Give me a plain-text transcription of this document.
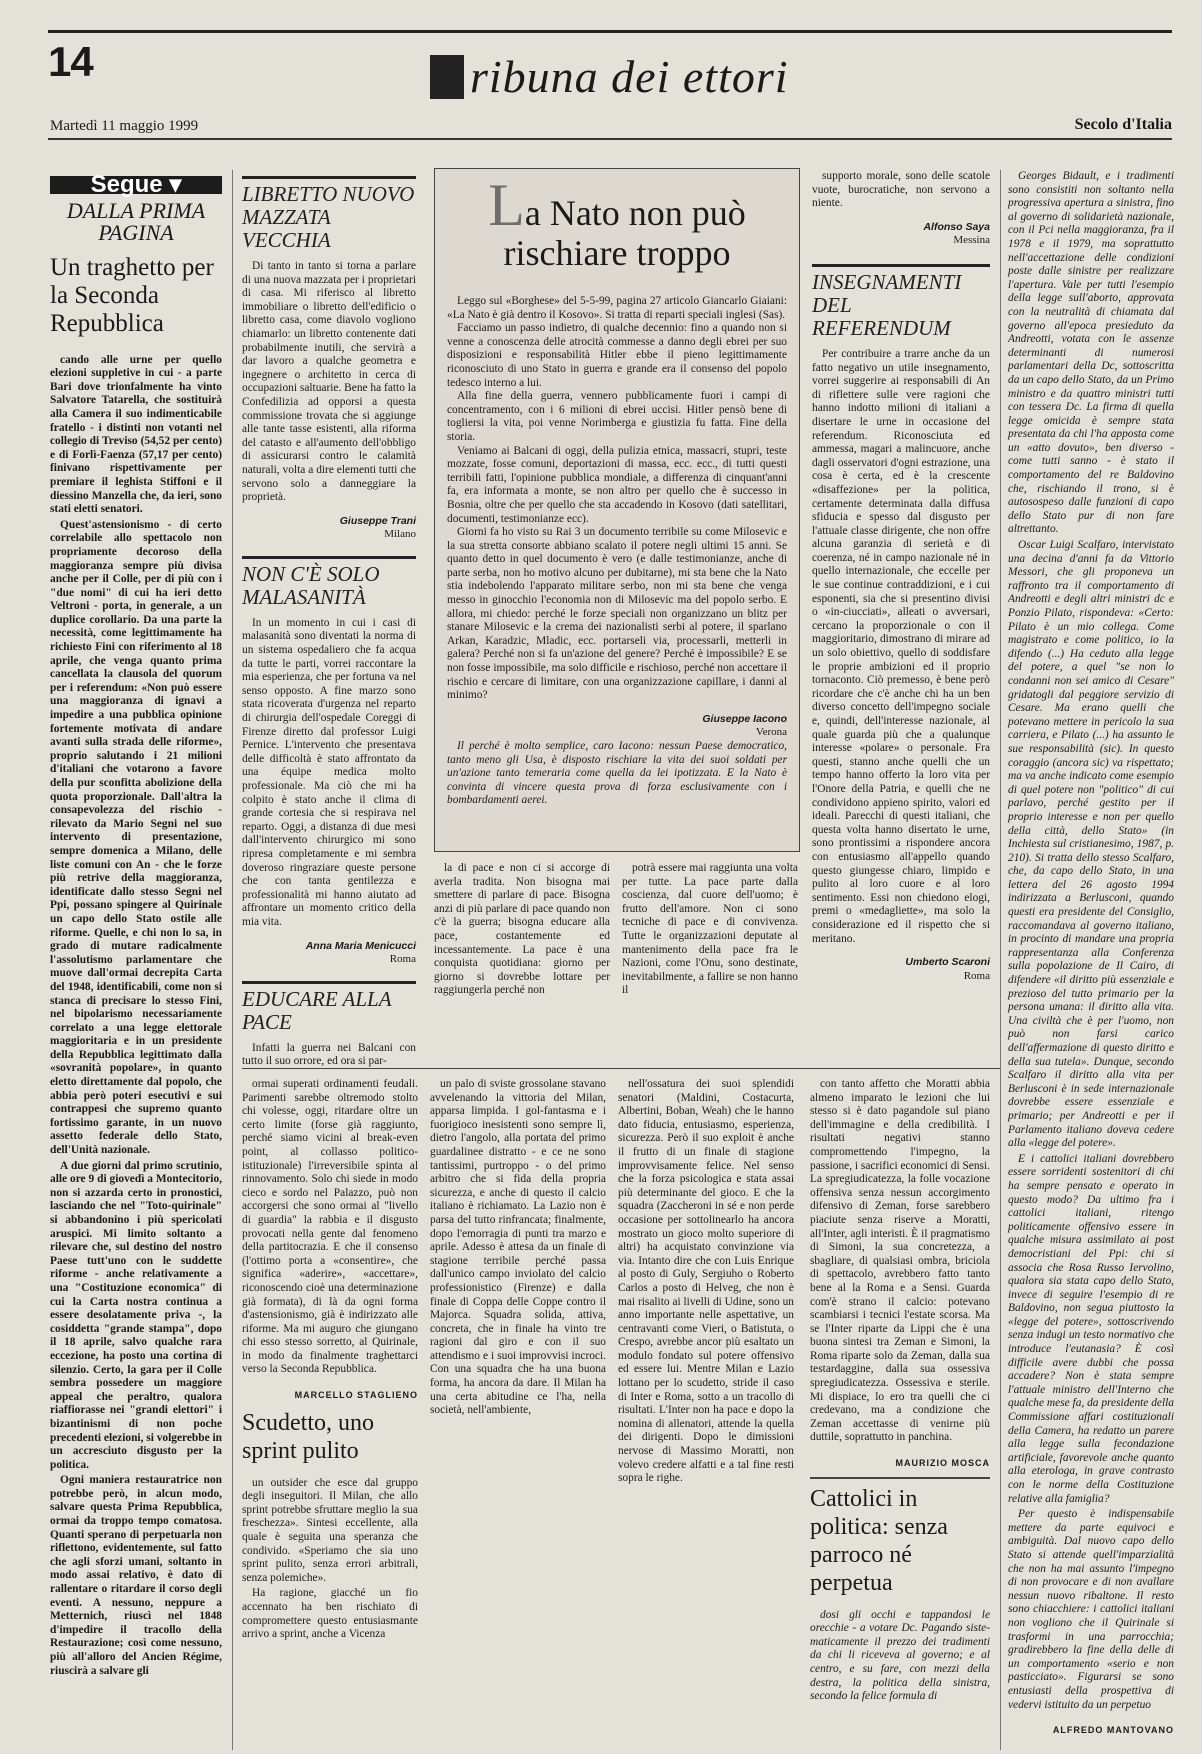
14	ribuna dei ettori
Martedì 11 maggio 1999	Secolo d'Italia
Segue ▾
DALLA PRIMA PAGINA
Un traghetto per la Seconda Repubblica

cando alle urne per quello elezioni suppletive in cui - a parte Bari dove trionfalmente ha vinto Salvatore Tatarella, che sostituirà alla Camera il suo indimenticabile fratello - i distinti non votanti nel collegio di Treviso (54,52 per cento) e di Forlì-Faenza (57,17 per cento) finivano rispettivamente per premiare il leghista Stiffoni e il diessino Manzella che, da ieri, sono stati eletti senatori.

Quest'astensionismo - di certo correlabile allo spettacolo non propriamente decoroso della maggioranza sempre più divisa anche per il Colle, per di più con i "due nomi" di cui ha ieri detto Veltroni - porta, in generale, a un duplice corollario. Da una parte la necessità, come legittimamente ha richiesto Fini con riferimento al 18 aprile, che venga quanto prima cancellata la clausola del quorum per i referendum: «Non può essere una maggioranza di ignavi a impedire a una pubblica opinione fortemente motivata di andare avanti sulla strada delle riforme», proprio salutando i 21 milioni d'italiani che votarono a favore della pur sconfitta abolizione della quota proporzionale. Dall'altra la consapevolezza del rischio - rilevato da Mario Segni nel suo intervento di presentazione, sempre domenica a Milano, delle liste comuni con An - che le forze più retrive della maggioranza, identificate dallo stesso Segni nel Ppi, possano spingere al Quirinale un capo dello Stato ostile alle riforme. Quelle, e chi non lo sa, in grado di mutare radicalmente l'assolutismo parlamentare che muove dall'ormai decrepita Carta del 1948, identificabili, come non si stanca di precisare lo stesso Fini, nel bipolarismo necessariamente correlato a una legge elettorale maggioritaria e in un presidente della Repubblica legittimato dalla «sovranità popolare», in quanto eletto direttamente dal popolo, che abbia però poteri esecutivi e sui contrappesi che supremo quanto fortissimo garante, in un nuovo assetto federale dello Stato, dell'Unità nazionale.

A due giorni dal primo scrutinio, alle ore 9 di giovedì a Montecitorio, non si azzarda certo in pronostici, lasciando che nel "Toto-quirinale" si abbandonino i più spericolati aruspici. Mi limito soltanto a rilevare che, sul destino del nostro Paese tutt'uno con le suddette riforme - anche relativamente a una "Costituzione economica" di cui la Carta nostra continua a essere desolatamente priva -, la cosiddetta "grande stampa", dopo il 18 aprile, salvo qualche rara eccezione, ha posto una cortina di silenzio. Certo, la gara per il Colle sembra possedere un maggiore appeal che peraltro, qualora riaffiorasse nei "grandi elettori" i bizantinismi di non poche precedenti elezioni, si volgerebbe in un accresciuto disgusto per la politica.

Ogni maniera restauratrice non potrebbe però, in alcun modo, salvare questa Prima Repubblica, ormai da troppo tempo comatosa. Quanti sperano di perpetuarla non riflettono, evidentemente, sul fatto che agli sforzi umani, soltanto in modo assai relativo, è dato di rallentare o ritardare il corso degli eventi. A nessuno, neppure a Metternich, riuscì nel 1848 d'impedire il tracollo della Restaurazione; così come nessuno, più all'alloro del Ancien Régime, riuscirà a salvare gli

LIBRETTO NUOVO MAZZATA VECCHIA

Di tanto in tanto si torna a parlare di una nuova mazzata per i proprietari di casa. Mi riferisco al libretto immobiliare o libretto dell'edificio o libretto casa, come diavolo vogliono chiamarlo: un libretto contenente dati probabilmente inutili, che servirà a dar lavoro a qualche geometra e ingegnere o architetto in cerca di occupazioni saltuarie. Bene ha fatto la Confedilizia ad opporsi a questa commissione trovata che si aggiunge alle tante tasse esistenti, alla riforma del catasto e all'aumento dell'obbligo di assicurarsi contro le calamità naturali, volta a dire elementi tutti che servono solo a danneggiare la proprietà.

Giuseppe Trani
Milano
NON C'È SOLO MALASANITÀ

In un momento in cui i casi di malasanità sono diventati la norma di un sistema ospedaliero che fa acqua da tutte le parti, vorrei raccontare la mia esperienza, che per fortuna va nel senso opposto. A fine marzo sono stata ricoverata d'urgenza nel reparto di chirurgia dell'ospedale Coreggi di Firenze diretto dal professor Luigi Pernice. L'intervento che presentava delle difficoltà è stato affrontato da una équipe medica molto professionale. Ma ciò che mi ha colpito è stato anche il clima di grande cortesia che si respirava nel reparto. Oggi, a distanza di due mesi dall'intervento chirurgico mi sono ripresa completamente e mi sembra doveroso ringraziare queste persone che con tanta gentilezza e professionalità mi hanno aiutato ad affrontare un momento critico della mia vita.

Anna Maria Menicucci
Roma
EDUCARE ALLA PACE

Infatti la guerra nei Balcani con tutto il suo orrore, ed ora si par-

La Nato non può rischiare troppo

Leggo sul «Borghese» del 5-5-99, pagina 27 articolo Giancarlo Giaiani: «La Nato è già dentro il Kosovo». Si tratta di reparti speciali inglesi (Sas).

Facciamo un passo indietro, di qualche decennio: fino a quando non si venne a conoscenza delle atrocità commesse a danno degli ebrei per suo disposizioni e responsabilità Hitler ebbe il pieno legittimamente riconosciuto di uno Stato in guerra e grande era il consenso del popolo tedesco interno a lui.

Alla fine della guerra, vennero pubblicamente fuori i campi di concentramento, con i 6 milioni di ebrei uccisi. Hitler pensò bene di togliersi la vita, poi venne Norimberga e giustizia fu fatta. Fine della storia.

Veniamo ai Balcani di oggi, della pulizia etnica, massacri, stupri, teste mozzate, fosse comuni, deportazioni di massa, ecc. ecc., di tutti questi terribili fatti, l'opinione pubblica mondiale, a differenza di cinquant'anni fa, era informata a monte, se non altro per quello che è successo in Bosnia, oltre che per quello che sta accadendo in Kosovo (dati satellitari, documenti, testimonianze ecc).

Giorni fa ho visto su Rai 3 un documento terribile su come Milosevic e la sua stretta consorte abbiano scalato il potere negli ultimi 15 anni. Se quanto detto in quel documento è vero (e dalle testimonianze, anche di parte serba, non ho motivo alcuno per dubitarne), mi sta bene che la Nato stia indebolendo l'apparato militare serbo, non mi sta bene che venga messo in ginocchio l'economia non di Milosevic ma del popolo serbo. E allora, mi chiedo: perché le forze speciali non organizzano un blitz per stanare Milosevic e la crema dei nazionalisti serbi al potere, il sparlano Arkan, Karadzic, Mladic, ecc. portarseli via, processarli, metterli in galera? Perché non si fa un'azione del genere? Perché è impossibile? E se non fosse impossibile, ma solo difficile e rischioso, perché non accettare il rischio e cercare di limitare, con una organizzazione capillare, i danni al minimo?

Giuseppe Iacono
Verona

Il perché è molto semplice, caro Iacono: nessun Paese democratico, tanto meno gli Usa, è disposto rischiare la vita dei suoi soldati per un'azione tanto temeraria come quella da lei ipotizzata. E la Nato è convinta di vincere questa prova di forza esclusivamente con i bombardamenti aerei.

la di pace e non ci si accorge di averla tradita. Non bisogna mai smettere di parlare di pace. Bisogna anzi di più parlare di pace quando non c'è la guerra; bisogna educare alla pace, costantemente ed incessantemente. La pace è una conquista quotidiana: giorno per giorno si dovrebbe lottare per raggiungerla perché non

potrà essere mai raggiunta una volta per tutte. La pace parte dalla coscienza, dal cuore dell'uomo; è frutto dell'amore. Non ci sono tecniche di pace e di convivenza. Tutte le organizzazioni deputate al mantenimento della pace fra le Nazioni, come l'Onu, sono destinate, inevitabilmente, a fallire se non hanno il

supporto morale, sono delle scatole vuote, burocratiche, non servono a niente.

Alfonso Saya
Messina
INSEGNAMENTI DEL REFERENDUM

Per contribuire a trarre anche da un fatto negativo un utile insegnamento, vorrei suggerire ai responsabili di An di riflettere sulle vere ragioni che hanno indotto milioni di italiani a disertare le urne in occasione del referendum. Riconosciuta ed ammessa, magari a malincuore, anche dagli osservatori d'ogni estrazione, una cosa è certa, ed è la crescente «disaffezione» per la politica, certamente determinata dalla diffusa sfiducia e spesso dal disgusto per l'attuale classe dirigente, che non offre alcuna garanzia di serietà e di coerenza, né in campo nazionale né in quello internazionale, che eccelle per le sue continue contraddizioni, e i cui esponenti, sia che si presentino divisi o «in-ciucciati», alleati o avversari, cercano la proporzionale o con il maggioritario, dimostrano di mirare ad un solo obiettivo, quello di soddisfare le proprie ambizioni ed il proprio tornaconto. Ciò premesso, è bene però ricordare che c'è anche chi ha un ben diverso concetto dell'impegno sociale e, quindi, dell'interesse nazionale, al quale guarda più che a qualunque interesse «polare» o personale. Fra questi, stanno anche quelli che un tempo hanno offerto la loro vita per l'Onore della Patria, e quelli che ne condividono appieno spirito, valori ed ideali. Parecchi di questi italiani, che questa volta hanno disertato le urne, sono prontissimi a rispondere ancora con entusiasmo all'appello quando questo giungesse chiaro, limpido e pulito al loro cuore e al loro sentimento. Essi non chiedono elogi, premi o «medagliette», ma solo la considerazione ed il rispetto che si meritano.

Umberto Scaroni
Roma

Georges Bidault, e i tradimenti sono consistiti non soltanto nella progressiva apertura a sinistra, fino al governo di solidarietà nazionale, con il Pci nella maggioranza, fra il 1978 e il 1979, ma soprattutto nell'accettazione delle condizioni poste dalle sinistre per realizzare l'apertura. Vale per tutti l'esempio della legge sull'aborto, approvata con la neutralità di chiamata dal governo all'epoca presieduto da Andreotti, votata con le assenze determinanti di numerosi parlamentari della Dc, sottoscritta da un capo dello Stato, da un Primo ministro e da quattro ministri tutti con tessera Dc. La firma di quella legge omicida è sempre stata presentata da chi l'ha apposta come un «atto dovuto», ben diverso - come tutti sanno - è stato il comportamento del re Baldovino che, rischiando il trono, si è autosospeso dalle funzioni di capo dello Stato pur di non fare altrettanto.

Oscar Luigi Scalfaro, intervistato una decina d'anni fa da Vittorio Messori, che gli proponeva un raffronto tra il comportamento di Andreotti e degli altri ministri dc e Ponzio Pilato, rispondeva: «Certo: Pilato è un mio collega. Come magistrato e come politico, io la difendo (...) Ha ceduto alla legge del potere, a quel "se non lo condanni non sei amico di Cesare" gridatogli dal peggiore servizio di Cesare. Ma erano quelli che potevano mettere in pericolo la sua carriera, e Pilato (...) ha assunto le sue responsabilità (sic). In questo coraggio (ancora sic) va rispettato; ma va anche indicato come esempio di quel potere non "politico" di cui parlavo, perché gestito per il proprio interesse e non per quello della città, dello Stato» (in Inchiesta sul cristianesimo, 1987, p. 210). Si tratta dello stesso Scalfaro, che, da capo dello Stato, in una lettera del 26 agosto 1994 indirizzata a Berlusconi, quando questi era presidente del Consiglio, raccomandava al governo italiano, in procinto di mandare una propria rappresentanza alla Conferenza sulla popolazione de Il Cairo, di difendere «il diritto più essenziale e prezioso del tutto primario per la persona umana: il diritto alla vita. Una civiltà che è per l'uomo, non può non farsi carico dell'affermazione di questo diritto e della sua tutela». Dunque, secondo Scalfaro il diritto alla vita per Berlusconi è in sede internazionale dovrebbe essere essenziale e primario; per Andreotti e per il Parlamento italiano doveva cedere alla «legge del potere».

E i cattolici italiani dovrebbero essere sorridenti sostenitori di chi ha sempre pensato e operato in questo modo? Da ultimo fra i cattolici italiani, ritengo politicamente offensivo essere in qualche misura assimilato ai post democristiani del Ppi: chi si associa che Rosa Russo Iervolino, qualora sia stata capo dello Stato, invece di seguire l'esempio di re Baldovino, non segua piuttosto la «legge del potere», sottoscrivendo senza indugi un testo normativo che introduce l'eutanasia? È così difficile avere dubbi che possa accadere? Non è stata sempre l'attuale ministro dell'Interno che qualche mese fa, da presidente della Commissione affari costituzionali della Camera, ha redatto un parere alla legge sulla fecondazione artificiale, favorevole anche quanto alla eterologa, in grave contrasto con le norme della Costituzione relative alla famiglia?

Per questo è indispensabile mettere da parte equivoci e ambiguità. Dal nuovo capo dello Stato si attende quell'imparzialità che non ha mai assunto l'impegno di non provocare e di non avallare nessun nuovo ribaltone. Il resto sono chiacchiere: i cattolici italiani non vogliono che il Quirinale si trasformi in una parrocchia; gradirebbero la fine della delle di un comportamento «serio e non pasticciato». Figurarsi se sono entusiasti della prospettiva di vedervi istituito da un perpetuo

ALFREDO MANTOVANO

ormai superati ordinamenti feudali. Parimenti sarebbe oltremodo stolto chi volesse, oggi, ritardare oltre un certo limite (forse già raggiunto, perché siamo vicini al break-even point, al collasso politico-istituzionale) l'irreversibile spinta al rinnovamento. Solo chi siede in modo cieco e sordo nel Palazzo, può non accorgersi che sono ormai al "livello di guardia" la rabbia e il disgusto provocati nella gente dal fenomeno della partitocrazia. E che il consenso (l'ottimo porta a «consentire», che significa «aderire», «accettare», riconoscendo cioè una determinazione già formata), di là da ogni forma d'astensionismo, già è indirizzato alle riforme. Ma mi auguro che giungano chi esso stesso sorretto, al Quirinale, in modo da finalmente traghettarci verso la Seconda Repubblica.

MARCELLO STAGLIENO
Scudetto, uno sprint pulito

un outsider che esce dal gruppo degli inseguitori. Il Milan, che allo sprint potrebbe sfruttare meglio la sua freschezza». Sintesi eccellente, alla quale è seguita una speranza che condivido. «Speriamo che sia uno sprint pulito, senza errori arbitrali, senza polemiche».

Ha ragione, giacché un fio accennato ha ben rischiato di compromettere questo entusiasmante arrivo a sprint, anche a Vicenza

un palo di sviste grossolane stavano avvelenando la vittoria del Milan, apparsa limpida. I gol-fantasma e i fuorigioco inesistenti sono sempre lì, dietro l'angolo, alla portata del primo guardalinee distratto - e ce ne sono tantissimi, purtroppo - o del primo arbitro che si fida della propria sicurezza, e anche di questo il calcio italiano è richiamato. La Lazio non è parsa del tutto rinfrancata; finalmente, dopo l'emorragia di punti tra marzo e aprile. Adesso è attesa da un finale di stagione terribile perché passa dall'unico campo inviolato del calcio professionistico (Firenze) e dalla finale di Coppa delle Coppe contro il Majorca. Squadra solida, attiva, concreta, che in finale ha vinto tre ragioni dal giro e con il suo attendismo e i suoi improvvisi incroci. Con una squadra che ha una buona forma, ha ancora da dare. Il Milan ha una certa abitudine ce l'ha, nella società, nell'ambiente,

nell'ossatura dei suoi splendidi senatori (Maldini, Costacurta, Albertini, Boban, Weah) che le hanno dato fiducia, entusiasmo, esperienza, sicurezza. Però il suo exploit è anche il frutto di un finale di stagione improvvisamente felice. Nel senso che la forza psicologica e stata assai più determinante del gioco. E che la squadra (Zaccheroni in sé e non perde occasione per sottolinearlo ha ancora mostrato un gioco molto superiore di altri) ha acquistato convinzione via via. Intanto dire che con Luis Enrique al posto di Guly, Sergiuho o Roberto Carlos a posto di Helveg, che non è mai risalito ai livelli di Udine, sono un anno importante nelle aspettative, un centravanti come Vieri, o Batistuta, o Crespo, avrebbe ancor più esaltato un modulo fondato sul potere offensivo ed essere lui. Mentre Milan e Lazio lottano per lo scudetto, stride il caso di Inter e Roma, sotto a un tracollo di risultati. L'Inter non ha pace e dopo la nomina di allenatori, attende la quella dei dirigenti. Dopo le dimissioni nervose di Massimo Moratti, non volevo credere alfatti e a tal fine resti sopra le righe.

con tanto affetto che Moratti abbia almeno imparato le lezioni che lui stesso si è dato pagandole sul piano dell'immagine e della credibilità. I risultati negativi stanno compromettendo l'impegno, la passione, i sacrifici economici di Sensi. La spregiudicatezza, la folle vocazione offensiva senza nessun accorgimento difensivo di Zeman, forse sarebbero piaciute senza riserve a Moratti, all'Inter, agli interisti. È il pragmatismo di Simoni, la sua concretezza, a sbagliare, di qualsiasi ombra, briciola di spettacolo, avrebbero fatto tanto bene al la Roma e a Sensi. Guarda com'è strano il calcio: potevano scambiarsi i tecnici l'estate scorsa. Ma se l'Inter riparte da Lippi che è una buona sintesi tra Zeman e Simoni, la Roma riparte solo da Zeman, dalla sua testardaggine, dalla sua ossessiva spregiudicatezza. Ossessiva e sterile. Mi dispiace, lo ero tra quelli che ci credevano, ma a condizione che Zeman accettasse di venirne più duttile, soprattutto in panchina.

MAURIZIO MOSCA
Cattolici in politica: senza parroco né perpetua

dosi gli occhi e tappandosi le orecchie - a votare Dc. Pagando siste- maticamente il prezzo dei tradimenti da chi li riceveva al governo; e al centro, e su fare, con mezzi della destra, la politica della sinistra, secondo la felice formula di
